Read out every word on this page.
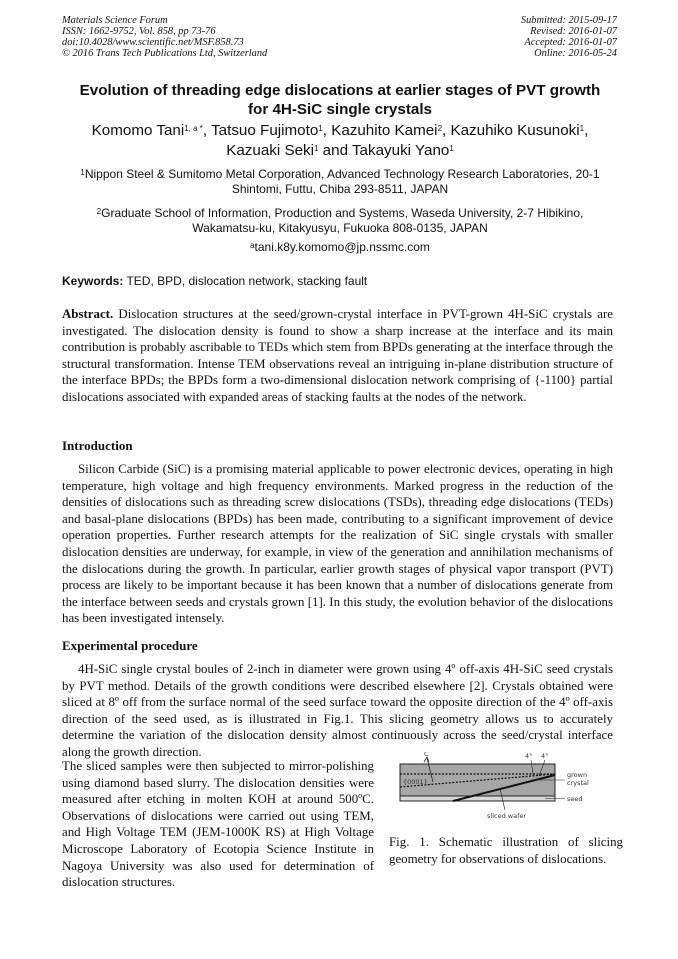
Materials Science Forum
ISSN: 1662-9752, Vol. 858, pp 73-76
doi:10.4028/www.scientific.net/MSF.858.73
© 2016 Trans Tech Publications Ltd, Switzerland
Submitted: 2015-09-17
Revised: 2016-01-07
Accepted: 2016-01-07
Online: 2016-05-24
Evolution of threading edge dislocations at earlier stages of PVT growth
for 4H-SiC single crystals
Komomo Tani$^{1, a *}$, Tatsuo Fujimoto$^1$, Kazuhito Kamei$^2$, Kazuhiko Kusunoki$^1$,
Kazuaki Seki$^1$ and Takayuki Yano$^1$
$^1$Nippon Steel & Sumitomo Metal Corporation, Advanced Technology Research Laboratories, 20-1
Shintomi, Futtu, Chiba 293-8511, JAPAN
$^2$Graduate School of Information, Production and Systems, Waseda University, 2-7 Hibikino,
Wakamatsu-ku, Kitakyusyu, Fukuoka 808-0135, JAPAN
$^a$tani.k8y.komomo@jp.nssmc.com
Keywords: TED, BPD, dislocation network, stacking fault
Abstract. Dislocation structures at the seed/grown-crystal interface in PVT-grown 4H-SiC crystals are investigated. The dislocation density is found to show a sharp increase at the interface and its main contribution is probably ascribable to TEDs which stem from BPDs generating at the interface through the structural transformation. Intense TEM observations reveal an intriguing in-plane distribution structure of the interface BPDs; the BPDs form a two-dimensional dislocation network comprising of {-1100} partial dislocations associated with expanded areas of stacking faults at the nodes of the network.
Introduction
Silicon Carbide (SiC) is a promising material applicable to power electronic devices, operating in high temperature, high voltage and high frequency environments. Marked progress in the reduction of the densities of dislocations such as threading screw dislocations (TSDs), threading edge dislocations (TEDs) and basal-plane dislocations (BPDs) has been made, contributing to a significant improvement of device operation properties. Further research attempts for the realization of SiC single crystals with smaller dislocation densities are underway, for example, in view of the generation and annihilation mechanisms of the dislocations during the growth. In particular, earlier growth stages of physical vapor transport (PVT) process are likely to be important because it has been known that a number of dislocations generate from the interface between seeds and crystals grown [1]. In this study, the evolution behavior of the dislocations has been investigated intensely.
Experimental procedure
4H-SiC single crystal boules of 2-inch in diameter were grown using 4º off-axis 4H-SiC seed crystals by PVT method. Details of the growth conditions were described elsewhere [2]. Crystals obtained were sliced at 8º off from the surface normal of the seed surface toward the opposite direction of the 4º off-axis direction of the seed used, as is illustrated in Fig.1. This slicing geometry allows us to accurately determine the variation of the dislocation density almost continuously across the seed/crystal interface along the growth direction.
The sliced samples were then subjected to mirror-polishing using diamond based slurry. The dislocation densities were measured after etching in molten KOH at around 500ºC. Observations of dislocations were carried out using TEM, and High Voltage TEM (JEM-1000K RS) at High Voltage Microscope Laboratory of Ecotopia Science Institute in Nagoya University was also used for determination of dislocation structures.
C	4° 4°
{0001}
grown
crystal
seed
sliced wafer
Fig. 1. Schematic illustration of slicing geometry for observations of dislocations.
